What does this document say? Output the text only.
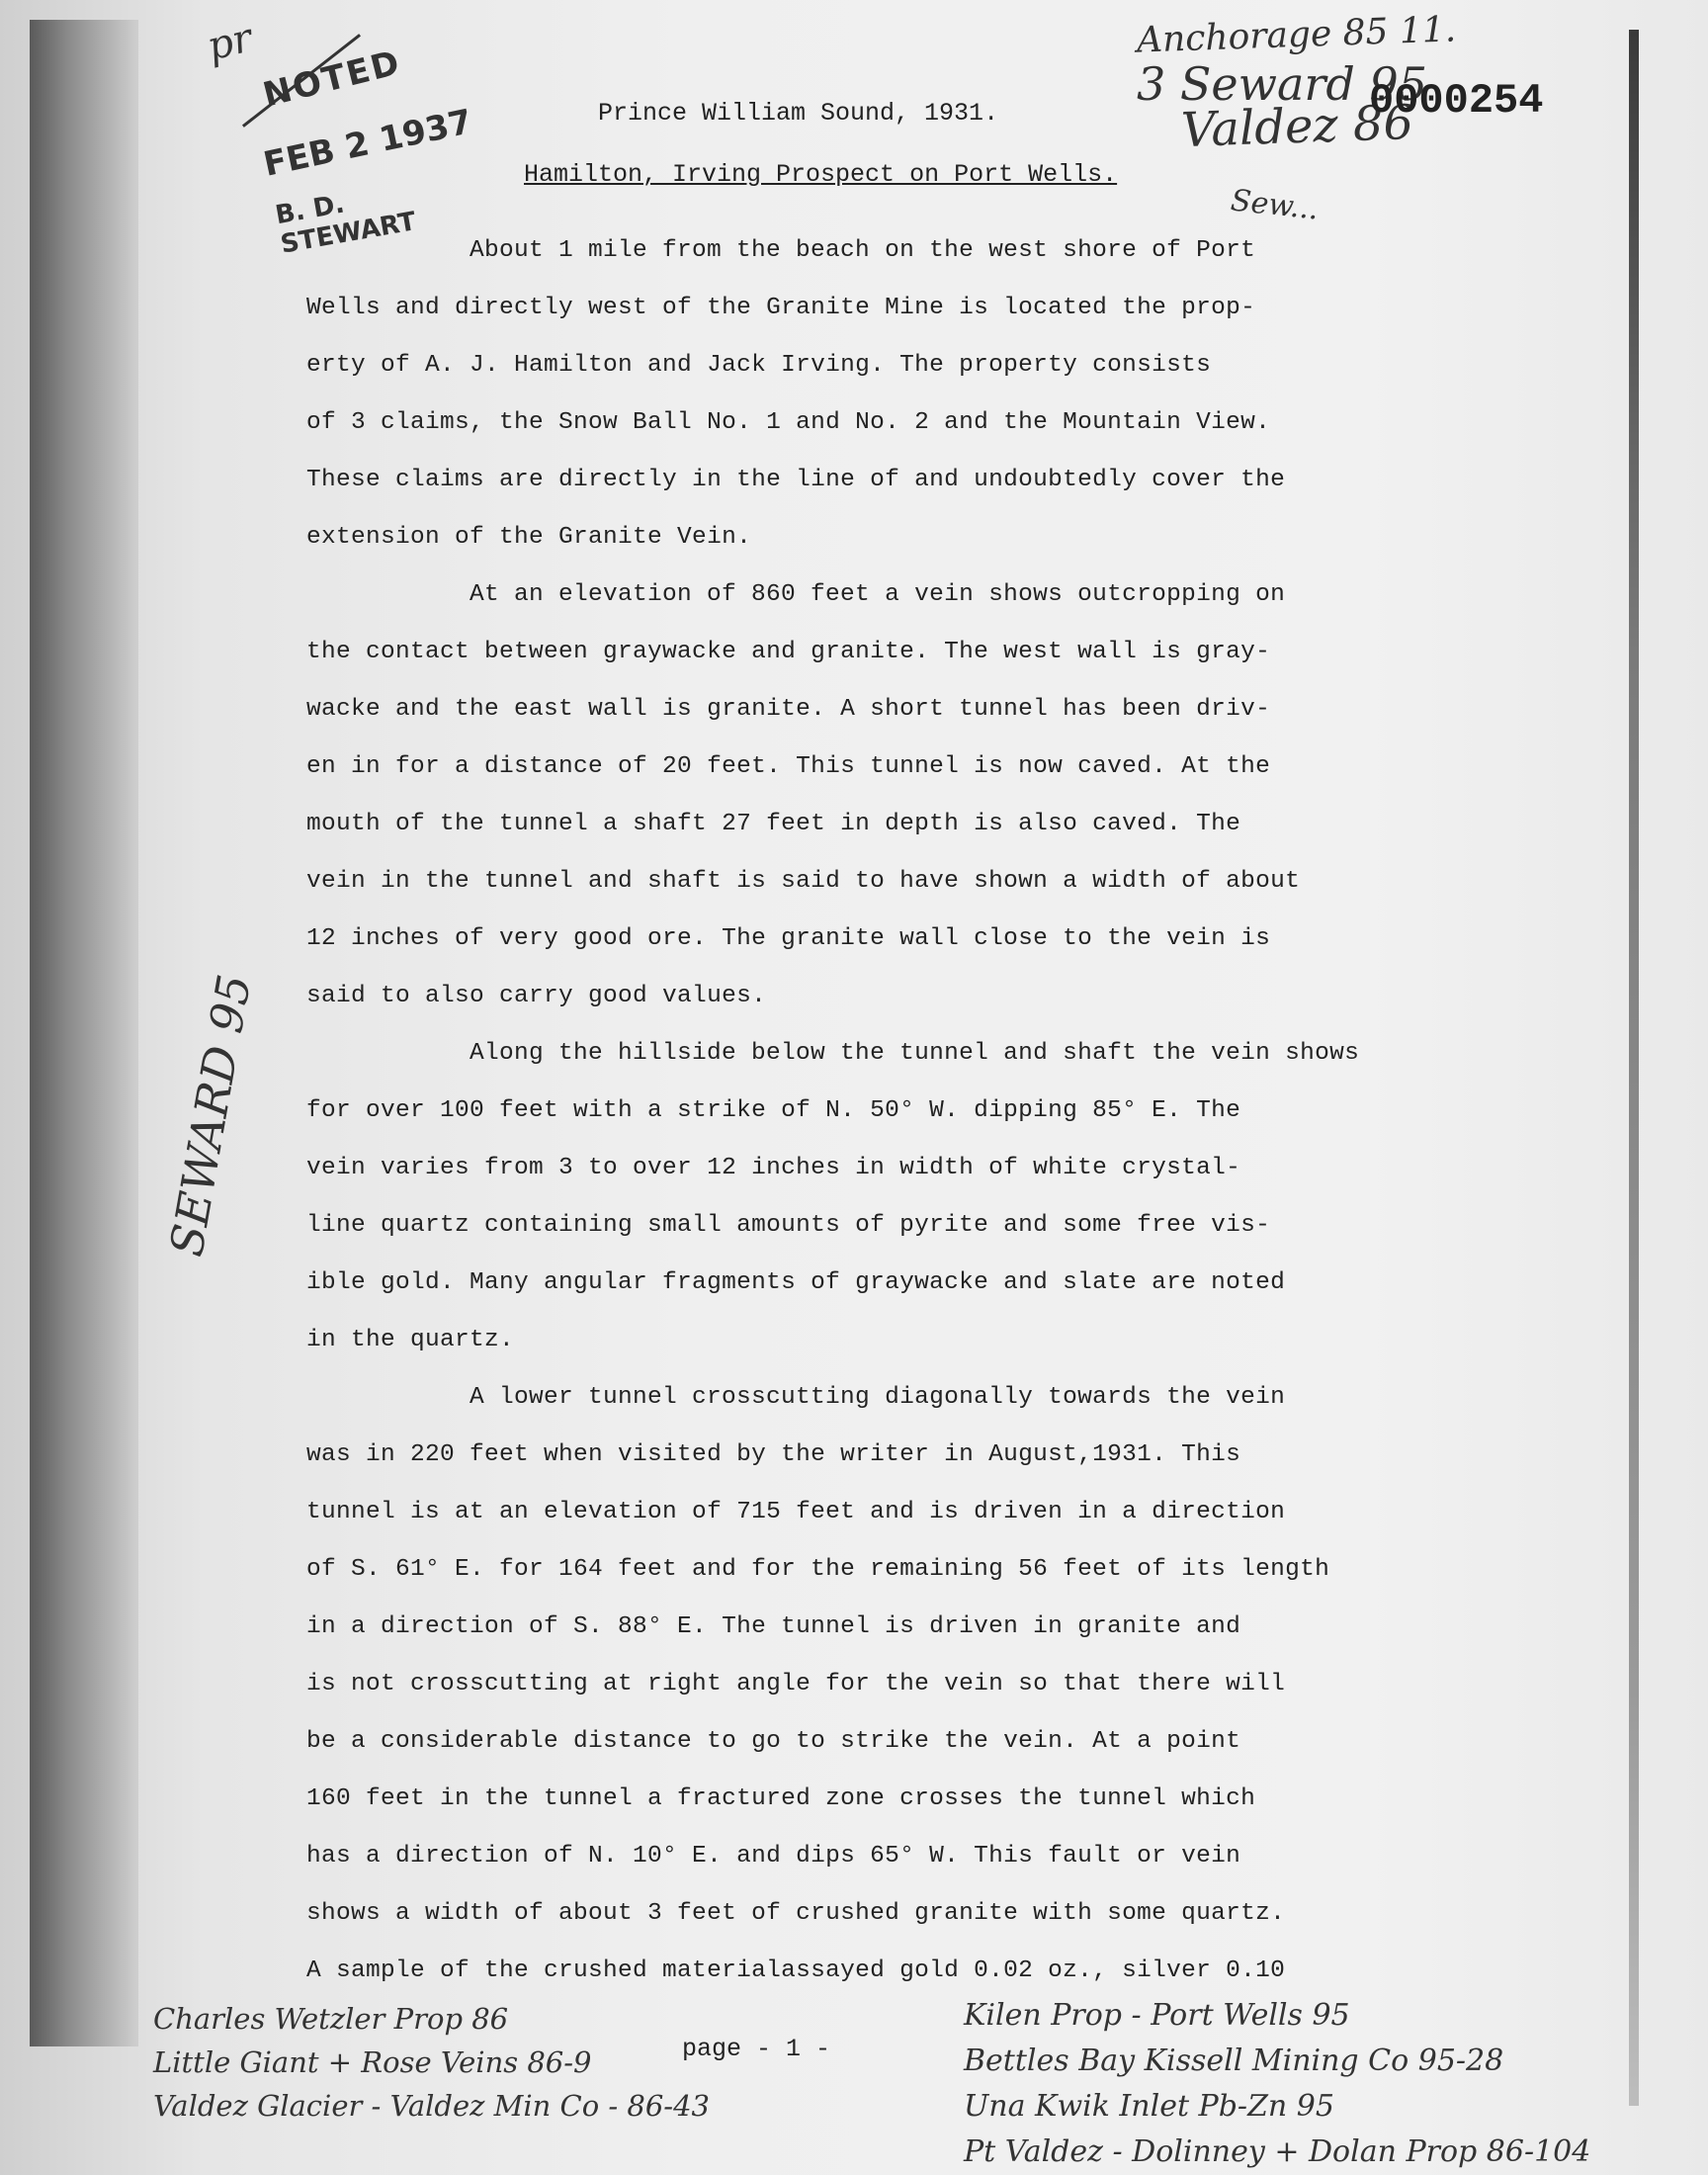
pr
NOTED
FEB 2 1937
B. D. STEWART
Anchorage 85 11.
3 Seward 95
Valdez 86
0000254
SEWARD 95
Prince William Sound, 1931.
Hamilton, Irving Prospect on Port Wells.
Sew...

About 1 mile from the beach on the west shore of Port

Wells and directly west of the Granite Mine is located the prop-

erty of A. J. Hamilton and Jack Irving. The property consists

of 3 claims, the Snow Ball No. 1 and No. 2 and the Mountain View.

These claims are directly in the line of and undoubtedly cover the

extension of the Granite Vein.

At an elevation of 860 feet a vein shows outcropping on

the contact between graywacke and granite. The west wall is gray-

wacke and the east wall is granite. A short tunnel has been driv-

en in for a distance of 20 feet. This tunnel is now caved. At the

mouth of the tunnel a shaft 27 feet in depth is also caved. The

vein in the tunnel and shaft is said to have shown a width of about

12 inches of very good ore. The granite wall close to the vein is

said to also carry good values.

Along the hillside below the tunnel and shaft the vein shows

for over 100 feet with a strike of N. 50° W. dipping 85° E. The

vein varies from 3 to over 12 inches in width of white crystal-

line quartz containing small amounts of pyrite and some free vis-

ible gold. Many angular fragments of graywacke and slate are noted

in the quartz.

A lower tunnel crosscutting diagonally towards the vein

was in 220 feet when visited by the writer in August,1931. This

tunnel is at an elevation of 715 feet and is driven in a direction

of S. 61° E. for 164 feet and for the remaining 56 feet of its length

in a direction of S. 88° E. The tunnel is driven in granite and

is not crosscutting at right angle for the vein so that there will

be a considerable distance to go to strike the vein. At a point

160 feet in the tunnel a fractured zone crosses the tunnel which

has a direction of N. 10° E. and dips 65° W. This fault or vein

shows a width of about 3 feet of crushed granite with some quartz.

A sample of the crushed materialassayed gold 0.02 oz., silver 0.10

page - 1 -
Charles Wetzler Prop 86
Little Giant + Rose Veins 86-9
Valdez Glacier - Valdez Min Co - 86-43
Kilen Prop - Port Wells 95
Bettles Bay Kissell Mining Co 95-28
Una Kwik Inlet Pb-Zn 95
Pt Valdez - Dolinney + Dolan Prop 86-104
